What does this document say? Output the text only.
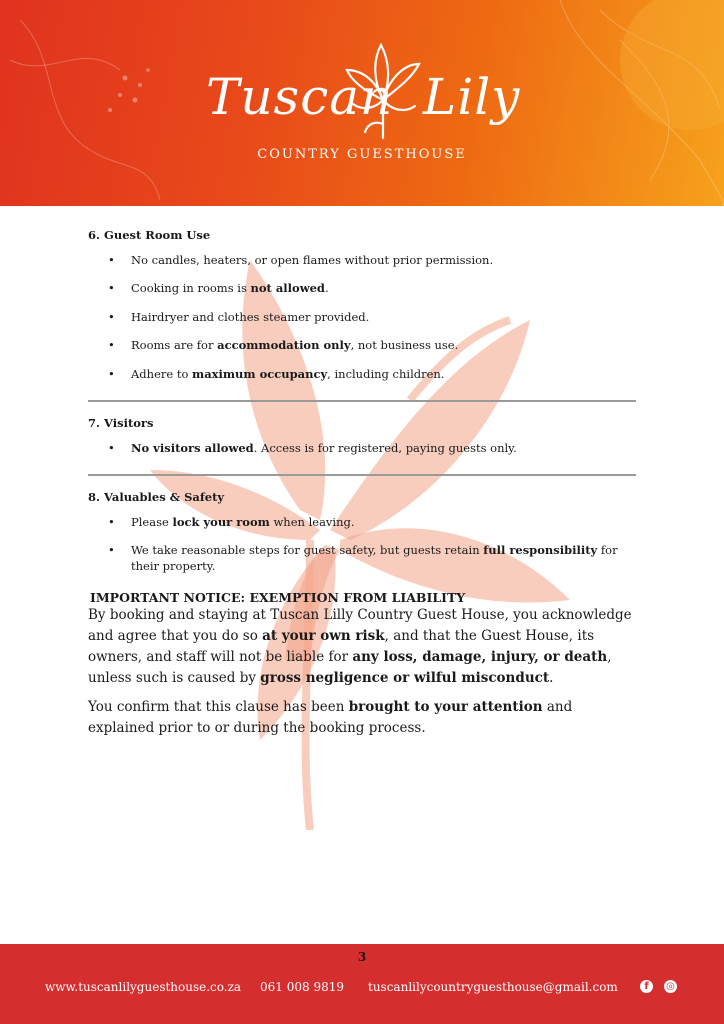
Tuscan Lily
COUNTRY GUESTHOUSE
6. Guest Room Use
• No candles, heaters, or open flames without prior permission.
• Cooking in rooms is not allowed.
• Hairdryer and clothes steamer provided.
• Rooms are for accommodation only, not business use.
• Adhere to maximum occupancy, including children.
7. Visitors
• No visitors allowed. Access is for registered, paying guests only.
8. Valuables & Safety
• Please lock your room when leaving.
• We take reasonable steps for guest safety, but guests retain full responsibility for their property.
IMPORTANT NOTICE: EXEMPTION FROM LIABILITY

By booking and staying at Tuscan Lilly Country Guest House, you acknowledge and agree that you do so at your own risk, and that the Guest House, its owners, and staff will not be liable for any loss, damage, injury, or death, unless such is caused by gross negligence or wilful misconduct.

You confirm that this clause has been brought to your attention and explained prior to or during the booking process.

3
www.tuscanlilyguesthouse.co.za 061 008 9819 tuscanlilycountryguesthouse@gmail.com	f	◎
